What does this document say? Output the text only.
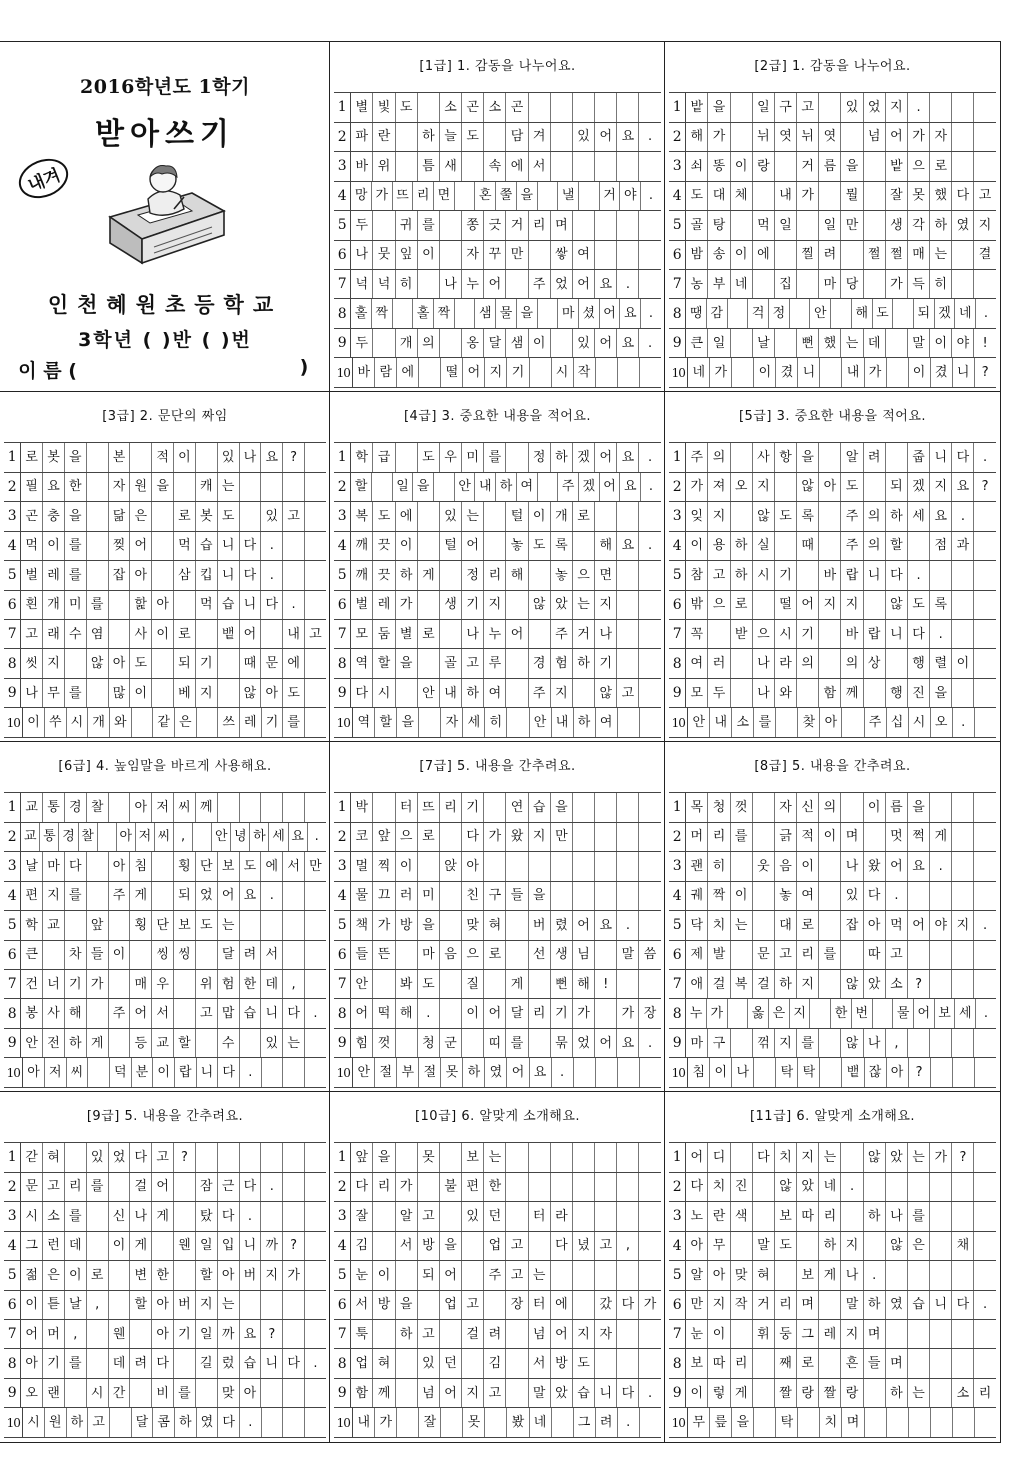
2016학년도 1학기
받아쓰기
내겨
인천혜원초등학교
3학년 ( )반 ( )번
이 름 (	)
[1급] 1. 감동을 나누어요.
1 별 빛 도	소 곤 소 곤
2 파 란	하 늘 도	담 겨	있 어 요	.
3 바 위	틈 새	속 에 서
4 망 가 뜨 리 면	혼 쭐 을	낼	거 야 .
5 두	귀 를	쫑 긋 거 리 며
6 나 뭇 잎 이	자 꾸 만	쌓 여
7 넉 넉 히	나 누 어	주 었 어 요	.
8 홀 짝	홀 짝	샘 물 을	마 셨 어 요 .
9 두	개 의	옹 달 샘 이	있 어 요	.
10 바 람 에	떨 어 지 기	시 작
[2급] 1. 감동을 나누어요.
1 밭 을	일 구 고	있 었 지	.
2 해 가	뉘 엿 뉘 엿	넘 어 가 자
3 쇠 똥 이 랑	거 름 을	밭 으 로
4 도 대 체	내 가	뭘	잘 못 했 다 고
5 골 탕	먹 일	일 만	생 각 하 였 지
6 밤 송 이 에	찔 려	쩔 쩔 매 는	결
7 농 부 네	집	마 당	가 득 히
8 땡 감	걱 정	안	해 도	되 겠 네 .
9 큰 일	날	뻔 했 는 데	말 이 야	!
10 네 가	이 겼 니	내 가	이 겼 니 ?
[3급] 2. 문단의 짜임
1 로 봇 을	본	적 이	있 나 요 ?
2 필 요 한	자 원 을	캐 는
3 곤 충 을	닮 은	로 봇 도	있 고
4 먹 이 를	찢 어	먹 습 니 다	.
5 벌 레 를	잡 아	삼 킵 니 다	.
6 흰 개 미 를	핥 아	먹 습 니 다	.
7 고 래 수 염	사 이 로	뱉 어	내 고
8 씻 지	않 아 도	되 기	때 문 에
9 나 무 를	많 이	베 지	않 아 도
10 이 쑤 시 개 와	같 은	쓰 레 기 를
[4급] 3. 중요한 내용을 적어요.
1 학 급	도 우 미 를	정 하 겠 어 요	.
2 할	일 을	안 내 하 여	주 겠 어 요 .
3 복 도 에	있 는	털 이 개 로
4 깨 끗 이	털 어	놓 도 록	해 요	.
5 깨 끗 하 게	정 리 해	놓 으 면
6 벌 레 가	생 기 지	않 았 는 지
7 모 둠 별 로	나 누 어	주 거 나
8 역 할 을	골 고 루	경 험 하 기
9 다 시	안 내 하 여	주 지	않 고
10 역 할 을	자 세 히	안 내 하 여
[5급] 3. 중요한 내용을 적어요.
1 주 의	사 항 을	알 려	줍 니 다	.
2 가 져 오 지	않 아 도	되 겠 지 요 ?
3 잊 지	않 도 록	주 의 하 세 요	.
4 이 용 하 실	때	주 의 할	점 과
5 참 고 하 시 기	바 랍 니 다	.
6 밖 으 로	떨 어 지 지	않 도 록
7 꼭	받 으 시 기	바 랍 니 다	.
8 여 러	나 라 의	의 상	행 렬 이
9 모 두	나 와	함 께	행 진 을
10 안 내 소 를	찾 아	주 십 시 오	.
[6급] 4. 높임말을 바르게 사용해요.
1 교 통 경 찰	아 저 씨 께
2 교 통 경 찰 아 저 씨 ,	안 녕 하 세 요 .
3 날 마 다	아 침	횡 단 보 도 에 서 만
4 편 지 를	주 게	되 었 어 요	.
5 학 교	앞	횡 단 보 도 는
6 큰	차 들 이	씽 씽	달 려 서
7 건 너 기 가	매 우	위 험 한 데	,
8 봉 사 해	주 어 서	고 맙 습 니 다	.
9 안 전 하 게	등 교 할	수	있 는
10 아 저 씨	덕 분 이 랍 니 다	.
[7급] 5. 내용을 간추려요.
1 박	터 뜨 리 기	연 습 을
2 코 앞 으 로	다 가 왔 지 만
3 멀 찍 이	앉 아
4 물 끄 러 미	친 구 들 을
5 책 가 방 을	맞 혀	버 렸 어 요	.
6 들 뜬	마 음 으 로	선 생 님	말 씀
7 안	봐 도	질	게	뻔 해	!
8 어 떡 해	.	이 어 달 리 기 가	가 장
9 힘 껏	청 군	띠 를	묶 었 어 요	.
10 안 절 부 절 못 하 였 어 요	.
[8급] 5. 내용을 간추려요.
1 목 청 껏	자 신 의	이 름 을
2 머 리 를	긁 적 이 며	멋 쩍 게
3 괜 히	웃 음 이	나 왔 어 요	.
4 궤 짝 이	놓 여	있 다	.
5 닥 치 는	대 로	잡 아 먹 어 야 지	.
6 제 발	문 고 리 를	따 고
7 애 걸 복 걸 하 지	않 았 소 ?
8 누 가	옳 은 지	한 번	물 어 보 세 .
9 마 구	꺾 지 를	않 나	,
10 침 이 나	탁 탁	뱉 잖 아 ?
[9급] 5. 내용을 간추려요.
1 갇 혀	있 었 다 고 ?
2 문 고 리 를	걸 어	잠 근 다	.
3 시 소 를	신 나 게	탔 다	.
4 그 런 데	이 게	웬 일 입 니 까 ?
5 젊 은 이 로	변 한	할 아 버 지 가
6 이 튿 날	,	할 아 버 지 는
7 어 머	,	웬	아 기 일 까 요 ?
8 아 기 를	데 려 다	길 렀 습 니 다	.
9 오 랜	시 간	비 를	맞 아
10 시 원 하 고	달 콤 하 였 다	.
[10급] 6. 알맞게 소개해요.
1 앞 을	못	보 는
2 다 리 가	불 편 한
3 잘	알 고	있 던	터 라
4 김	서 방 을	업 고	다 녔 고	,
5 눈 이	되 어	주 고 는
6 서 방 을	업 고	장 터 에	갔 다 가
7 툭	하 고	걸 려	넘 어 지 자
8 업 혀	있 던	김	서 방 도
9 함 께	넘 어 지 고	말 았 습 니 다	.
10 내 가	잘	못	봤 네	그 려	.
[11급] 6. 알맞게 소개해요.
1 어 디	다 치 지 는	않 았 는 가 ?
2 다 치 진	않 았 네	.
3 노 란 색	보 따 리	하 나 를
4 아 무	말 도	하 지	않 은	채
5 알 아 맞 혀	보 게 나	.
6 만 지 작 거 리 며	말 하 였 습 니 다	.
7 눈 이	휘 둥 그 레 지 며
8 보 따 리	째 로	흔 들 며
9 이 렇 게	짤 랑 짤 랑	하 는	소 리
10 무 릎 을	탁	치 며
